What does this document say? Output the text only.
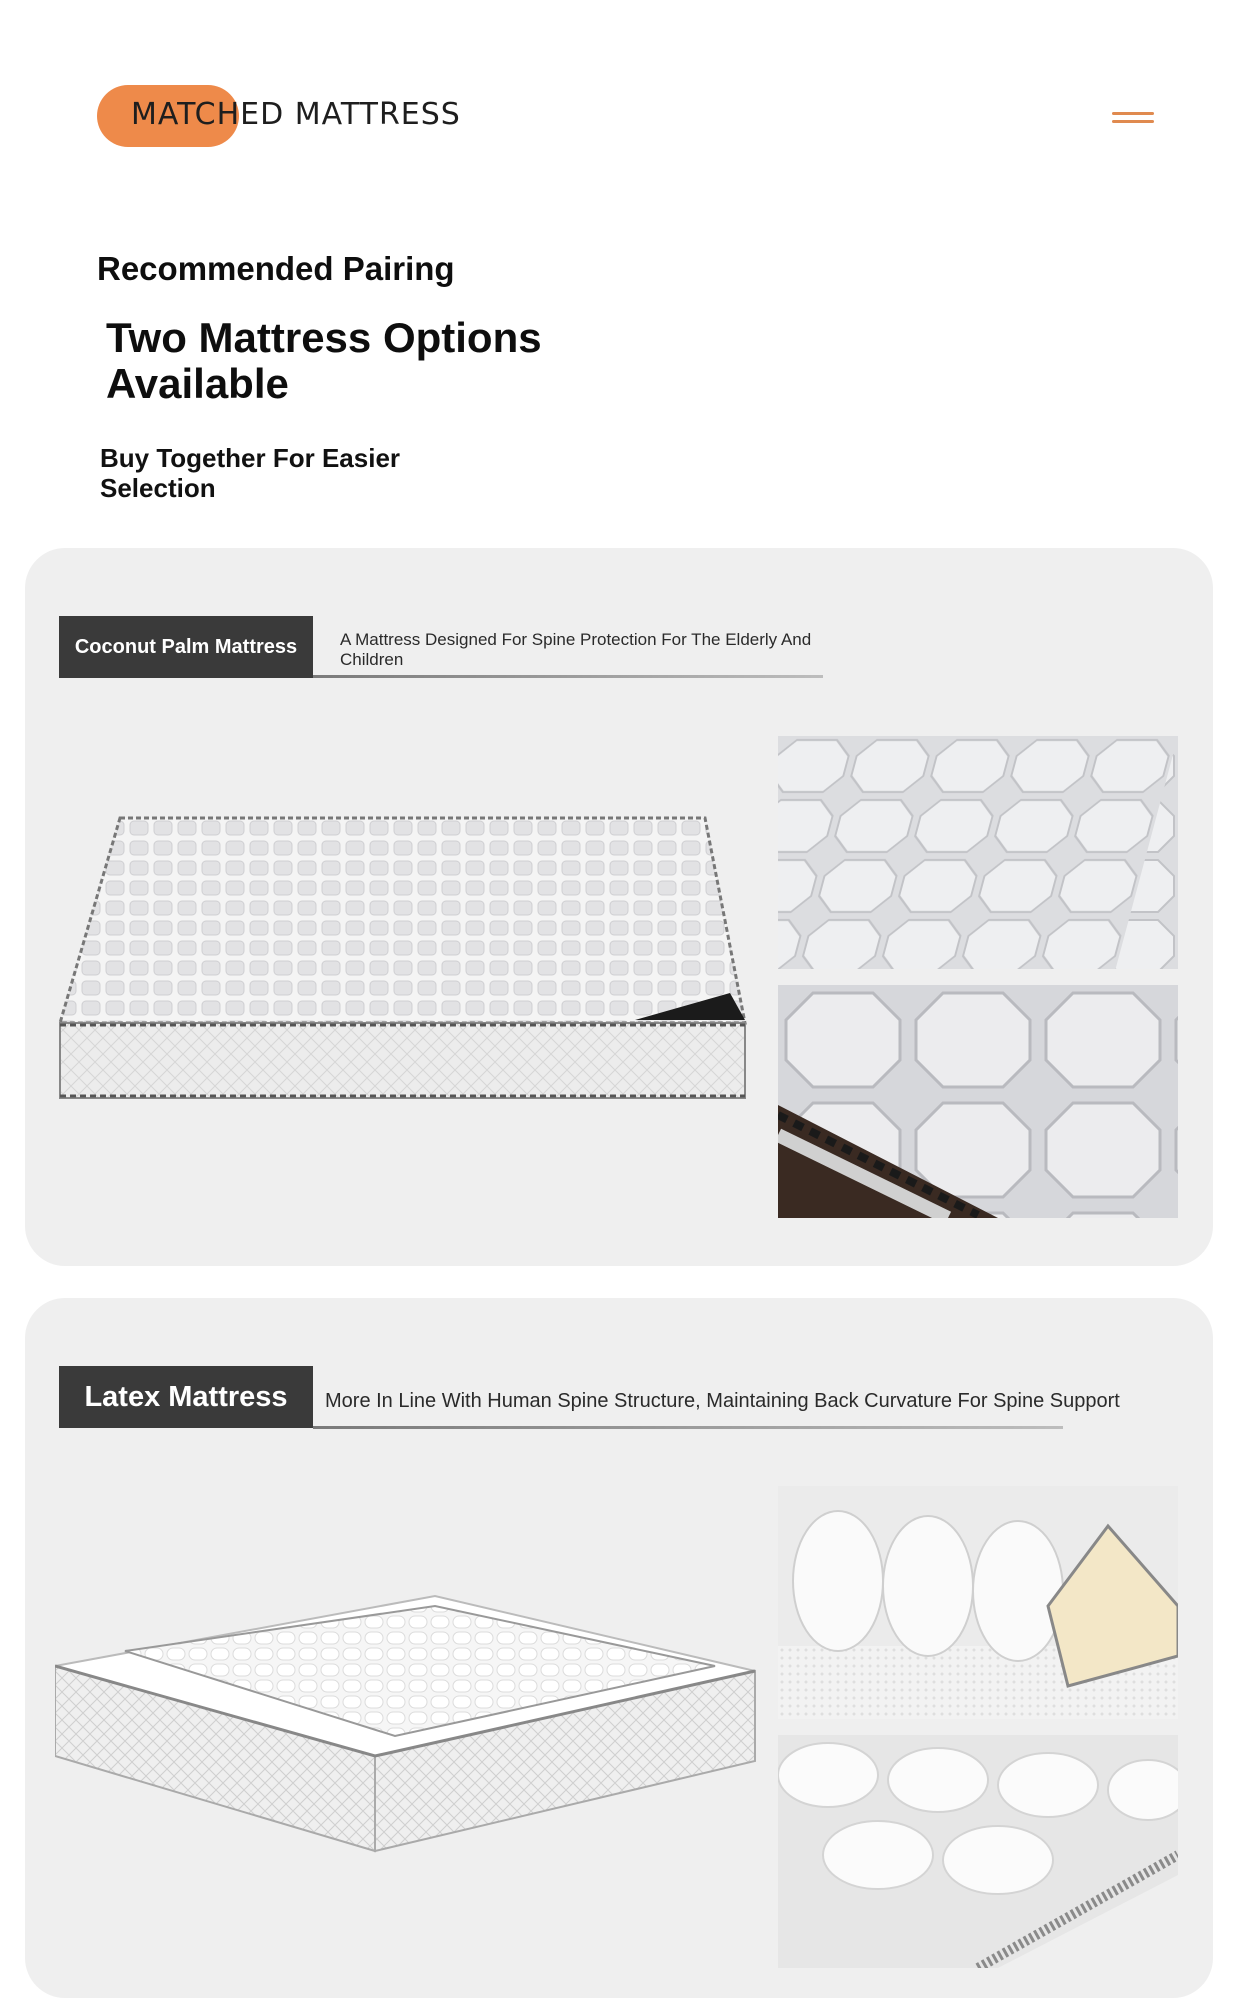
MATCHED MATTRESS
Recommended Pairing
Two Mattress Options Available
Buy Together For Easier Selection
Coconut Palm Mattress	A Mattress Designed For Spine Protection For The Elderly And Children
Latex Mattress	More In Line With Human Spine Structure, Maintaining Back Curvature For Spine Support
